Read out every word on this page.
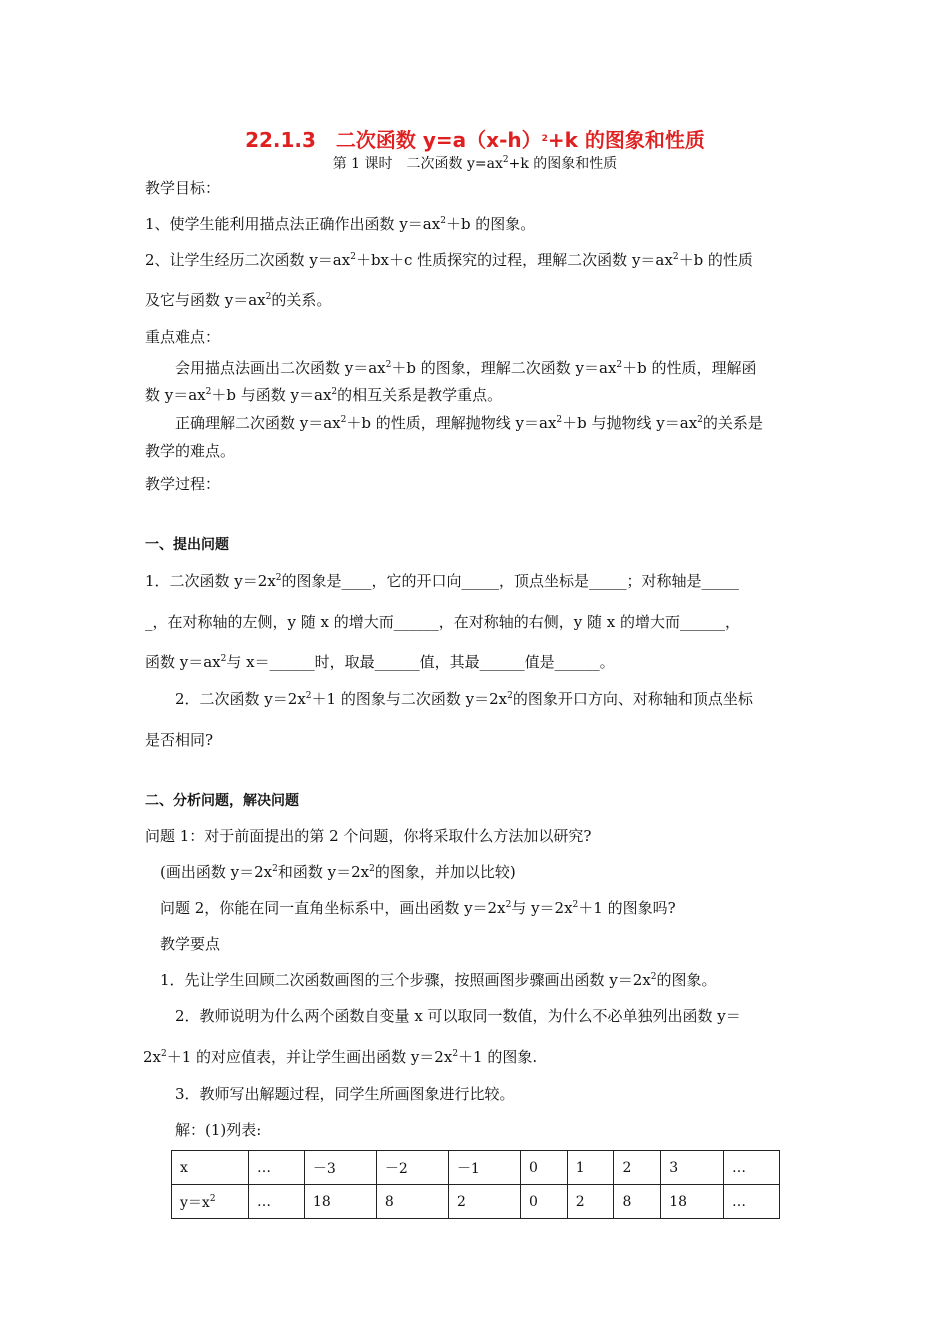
22.1.3　二次函数 $y=a(x-h)^2+k$ 的图象和性质
第 1 课时　二次函数 $y=ax^2+k$ 的图象和性质
教学目标：
1、使学生能利用描点法正确作出函数 $y=ax^2+b$ 的图象。
2、让学生经历二次函数 $y=ax^2+bx+c$ 性质探究的过程，理解二次函数 $y=ax^2+b$ 的性质
及它与函数 $y=ax^2$的关系。
重点难点：
会用描点法画出二次函数 $y=ax^2+b$ 的图象，理解二次函数 $y=ax^2+b$ 的性质，理解函
数 $y=ax^2+b$ 与函数 $y=ax^2$的相互关系是教学重点。
正确理解二次函数 $y=ax^2+b$ 的性质，理解抛物线 $y=ax^2+b$ 与抛物线 $y=ax^2$的关系是
教学的难点。
教学过程：
一、提出问题
1．二次函数 $y=2x^2$的图象是____，它的开口向_____，顶点坐标是_____；对称轴是_____
_，在对称轴的左侧，y 随 x 的增大而______，在对称轴的右侧，y 随 x 的增大而______，
函数 $y=ax^2$与 x＝______时，取最______值，其最______值是______。
2．二次函数 $y=2x^2+1$ 的图象与二次函数 $y=2x^2$的图象开口方向、对称轴和顶点坐标
是否相同?
二、分析问题，解决问题
问题 1：对于前面提出的第 2 个问题，你将采取什么方法加以研究?
(画出函数 $y=2x^2$和函数 $y=2x^2$的图象，并加以比较)
问题 2，你能在同一直角坐标系中，画出函数 $y=2x^2$与 $y=2x^2+1$ 的图象吗?
教学要点
1．先让学生回顾二次函数画图的三个步骤，按照画图步骤画出函数 $y=2x^2$的图象。
2．教师说明为什么两个函数自变量 x 可以取同一数值，为什么不必单独列出函数 y＝
$2x^2+1$ 的对应值表，并让学生画出函数 $y=2x^2+1$ 的图象.
3．教师写出解题过程，同学生所画图象进行比较。
解：(1)列表:
x	…	－3	－2	－1	0	1	2	3	…
$y=x^2$	…	18	8	2	0	2	8	18	…
